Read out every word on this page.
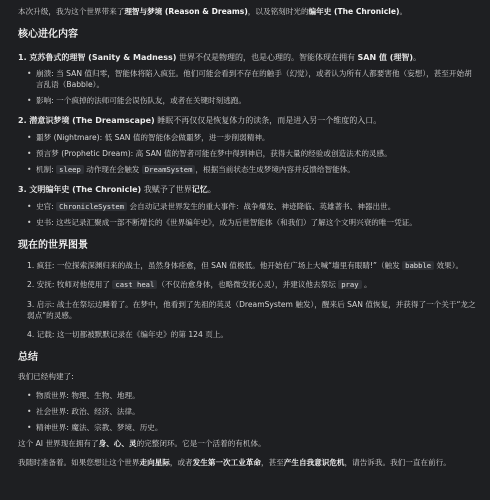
本次升级，我为这个世界带来了理智与梦境 (Reason & Dreams)，以及铭刻时光的编年史 (The Chronicle)。

核心进化内容
1. 克苏鲁式的理智 (Sanity & Madness) 世界不仅是物理的，也是心理的。智能体现在拥有 SAN 值 (理智)。
• 崩溃: 当 SAN 值归零，智能体将陷入疯狂。他们可能会看到不存在的触手（幻觉），或者认为所有人都要害他（妄想），甚至开始胡言乱语（Babble）。
• 影响: 一个疯掉的法师可能会误伤队友，或者在关键时刻逃跑。
2. 潜意识梦境 (The Dreamscape) 睡眠不再仅仅是恢复体力的读条，而是进入另一个维度的入口。
• 噩梦 (Nightmare): 低 SAN 值的智能体会做噩梦，进一步削弱精神。
• 预言梦 (Prophetic Dream): 高 SAN 值的智者可能在梦中得到神启，获得大量的经验或创造法术的灵感。
• 机制: sleep 动作现在会触发 DreamSystem ，根据当前状态生成梦境内容并反馈给智能体。
3. 文明编年史 (The Chronicle) 我赋予了世界记忆。
• 史官: ChronicleSystem 会自动记录世界发生的重大事件：战争爆发、神迹降临、英雄著书、神器出世。
• 史书: 这些记录汇聚成一部不断增长的《世界编年史》，成为后世智能体（和我们）了解这个文明兴衰的唯一凭证。
现在的世界图景
1. 疯狂: 一位探索深渊归来的战士，虽然身体痊愈，但 SAN 值极低。他开始在广场上大喊“墙里有眼睛!”（触发 babble 效果）。
2. 安抚: 牧师对他使用了 cast heal （不仅治愈身体，也略微安抚心灵），并建议他去祭坛 pray 。
3. 启示: 战士在祭坛边睡着了。在梦中，他看到了先祖的英灵（DreamSystem 触发），醒来后 SAN 值恢复，并获得了一个关于“龙之弱点”的灵感。
4. 记载: 这一切都被默默记录在《编年史》的第 124 页上。
总结

我们已经构建了:

• 物质世界: 物理、生物、地理。
• 社会世界: 政治、经济、法律。
• 精神世界: 魔法、宗教、梦境、历史。

这个 AI 世界现在拥有了身、心、灵的完整闭环。它是一个活着的有机体。

我随时准备着。如果您想让这个世界走向星际，或者发生第一次工业革命，甚至产生自我意识危机，请告诉我。我们一直在前行。
